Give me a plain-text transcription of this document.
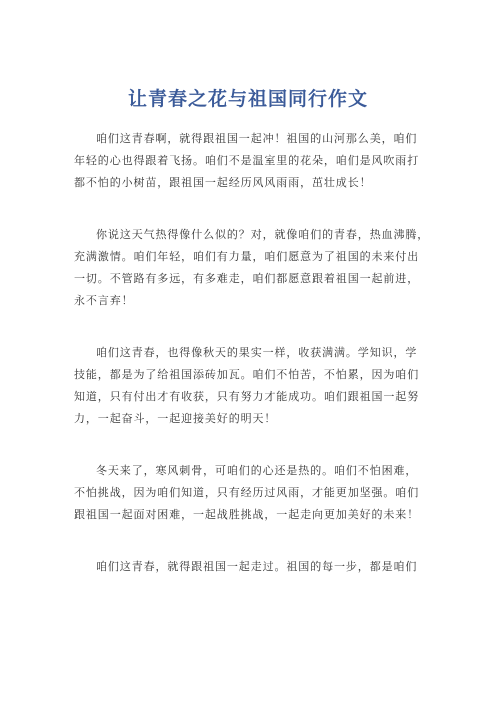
让青春之花与祖国同行作文

咱们这青春啊，就得跟祖国一起冲！祖国的山河那么美，咱们
年轻的心也得跟着飞扬。咱们不是温室里的花朵，咱们是风吹雨打
都不怕的小树苗，跟祖国一起经历风风雨雨，茁壮成长！

你说这天气热得像什么似的？对，就像咱们的青春，热血沸腾，
充满激情。咱们年轻，咱们有力量，咱们愿意为了祖国的未来付出
一切。不管路有多远，有多难走，咱们都愿意跟着祖国一起前进，
永不言弃！

咱们这青春，也得像秋天的果实一样，收获满满。学知识，学
技能，都是为了给祖国添砖加瓦。咱们不怕苦，不怕累，因为咱们
知道，只有付出才有收获，只有努力才能成功。咱们跟祖国一起努
力，一起奋斗，一起迎接美好的明天！

冬天来了，寒风刺骨，可咱们的心还是热的。咱们不怕困难，
不怕挑战，因为咱们知道，只有经历过风雨，才能更加坚强。咱们
跟祖国一起面对困难，一起战胜挑战，一起走向更加美好的未来！

咱们这青春，就得跟祖国一起走过。祖国的每一步，都是咱们
